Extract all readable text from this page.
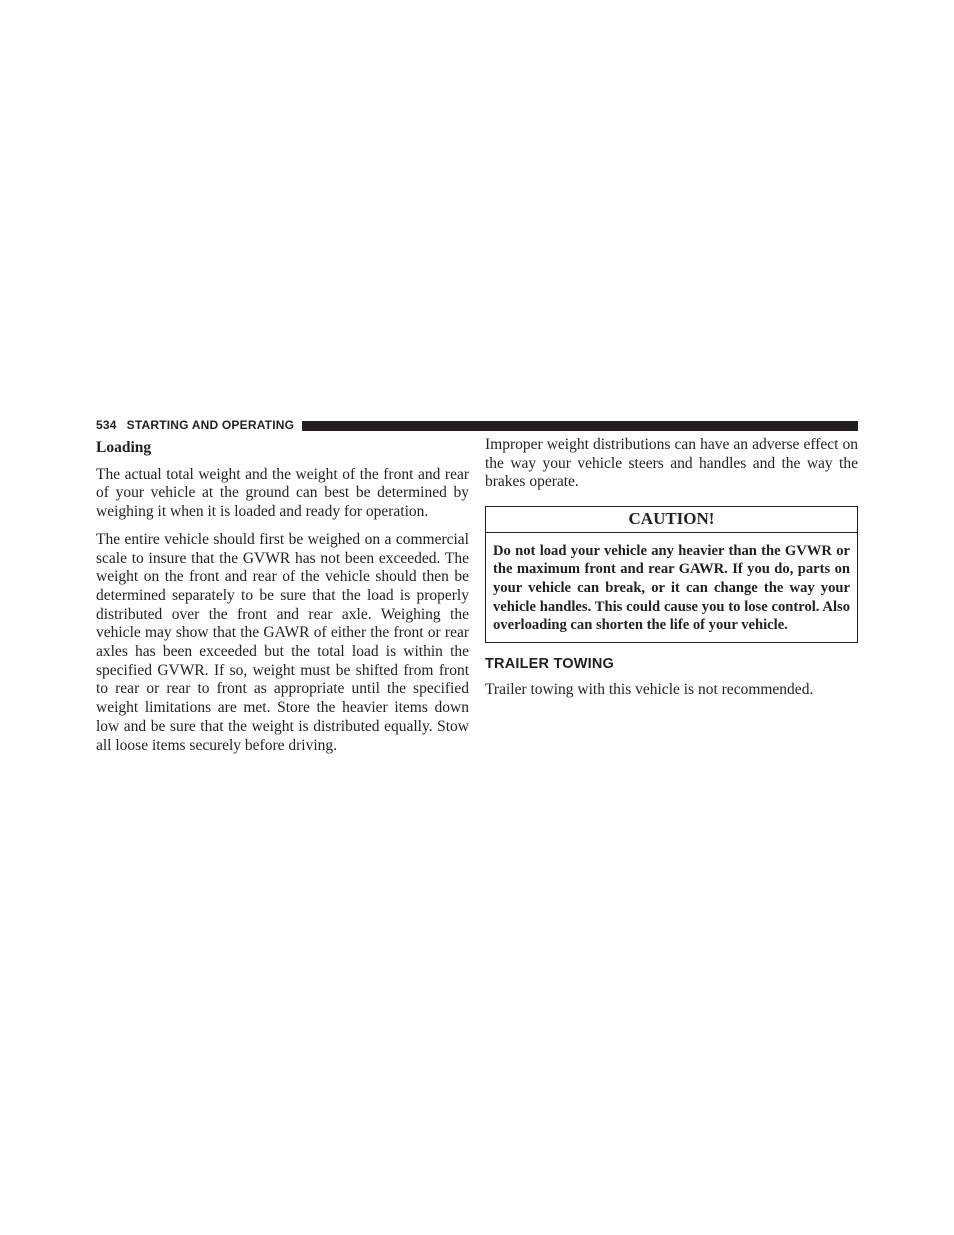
534 STARTING AND OPERATING
Loading

The actual total weight and the weight of the front and rear of your vehicle at the ground can best be determined by weighing it when it is loaded and ready for operation.

The entire vehicle should first be weighed on a commercial scale to insure that the GVWR has not been exceeded. The weight on the front and rear of the vehicle should then be determined separately to be sure that the load is properly distributed over the front and rear axle. Weighing the vehicle may show that the GAWR of either the front or rear axles has been exceeded but the total load is within the specified GVWR. If so, weight must be shifted from front to rear or rear to front as appropriate until the specified weight limitations are met. Store the heavier items down low and be sure that the weight is distributed equally. Stow all loose items securely before driving.

Improper weight distributions can have an adverse effect on the way your vehicle steers and handles and the way the brakes operate.

CAUTION!
Do not load your vehicle any heavier than the GVWR or the maximum front and rear GAWR. If you do, parts on your vehicle can break, or it can change the way your vehicle handles. This could cause you to lose control. Also overloading can shorten the life of your vehicle.
TRAILER TOWING

Trailer towing with this vehicle is not recommended.
